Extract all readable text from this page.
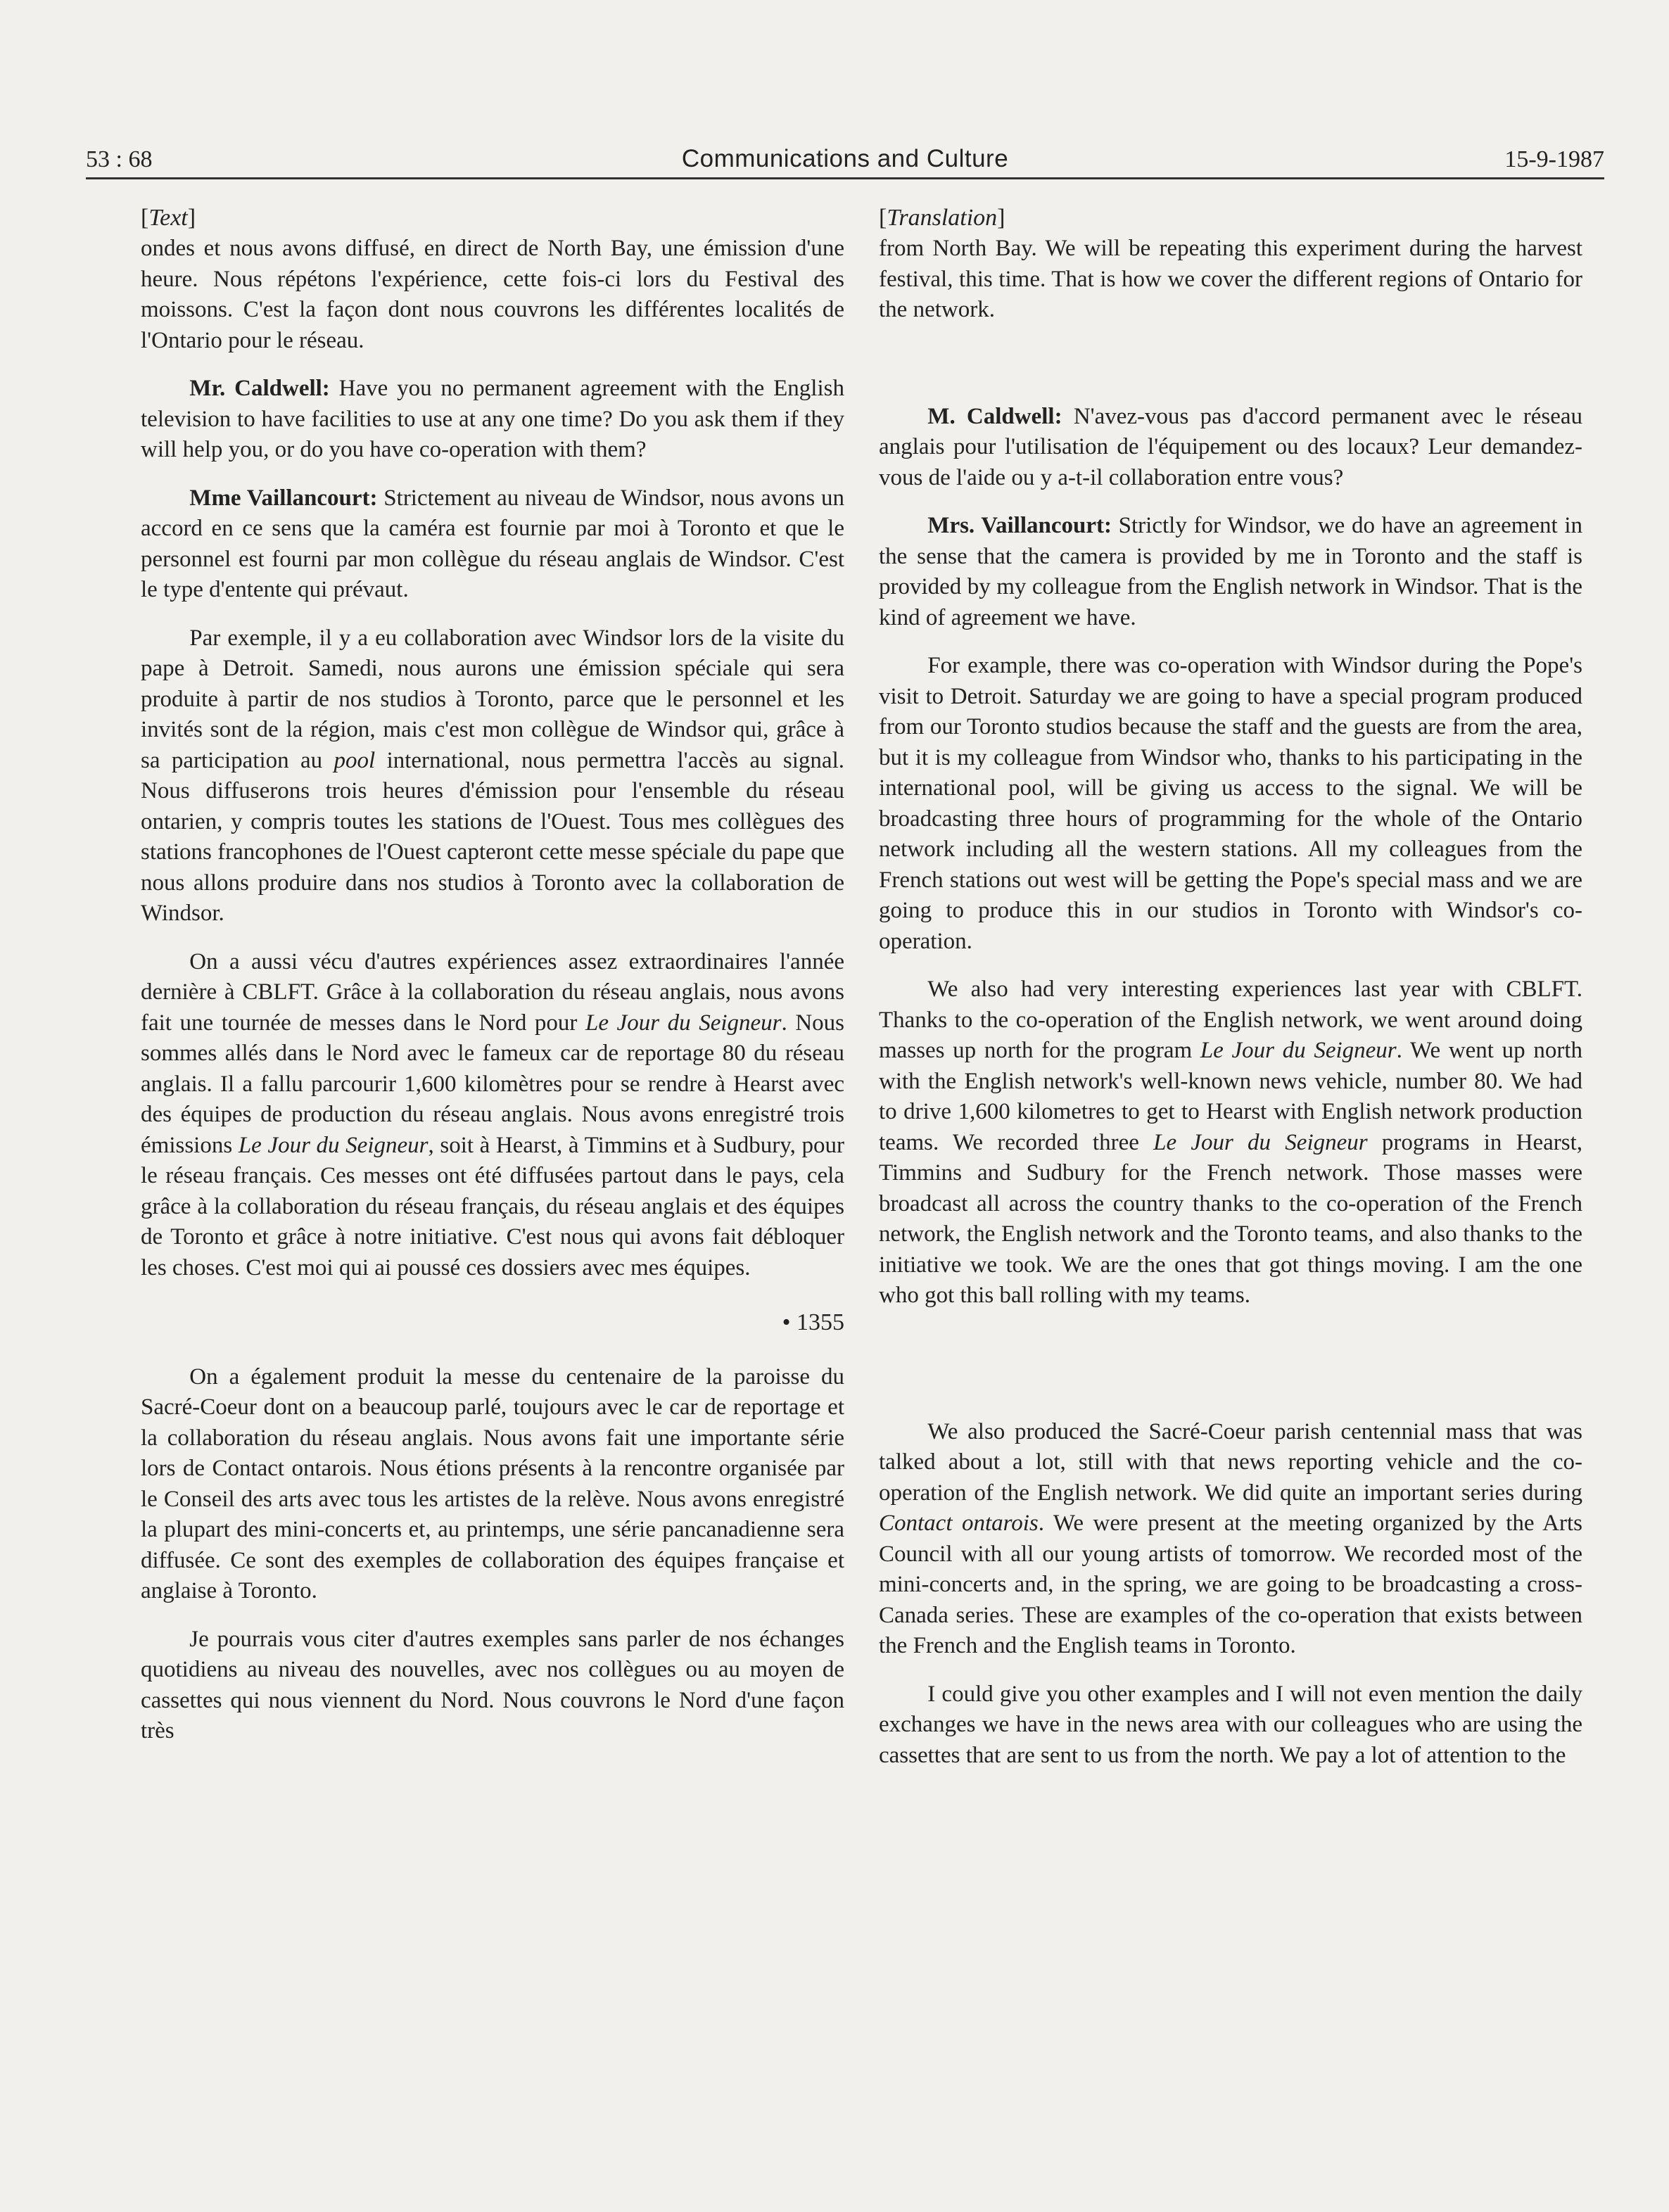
53 : 68	Communications and Culture	15-9-1987
[Text]

ondes et nous avons diffusé, en direct de North Bay, une émission d'une heure. Nous répétons l'expérience, cette fois-ci lors du Festival des moissons. C'est la façon dont nous couvrons les différentes localités de l'Ontario pour le réseau.

Mr. Caldwell: Have you no permanent agreement with the English television to have facilities to use at any one time? Do you ask them if they will help you, or do you have co-operation with them?

Mme Vaillancourt: Strictement au niveau de Windsor, nous avons un accord en ce sens que la caméra est fournie par moi à Toronto et que le personnel est fourni par mon collègue du réseau anglais de Windsor. C'est le type d'entente qui prévaut.

Par exemple, il y a eu collaboration avec Windsor lors de la visite du pape à Detroit. Samedi, nous aurons une émission spéciale qui sera produite à partir de nos studios à Toronto, parce que le personnel et les invités sont de la région, mais c'est mon collègue de Windsor qui, grâce à sa participation au pool international, nous permettra l'accès au signal. Nous diffuserons trois heures d'émission pour l'ensemble du réseau ontarien, y compris toutes les stations de l'Ouest. Tous mes collègues des stations francophones de l'Ouest capteront cette messe spéciale du pape que nous allons produire dans nos studios à Toronto avec la collaboration de Windsor.

On a aussi vécu d'autres expériences assez extraordinaires l'année dernière à CBLFT. Grâce à la collaboration du réseau anglais, nous avons fait une tournée de messes dans le Nord pour Le Jour du Seigneur. Nous sommes allés dans le Nord avec le fameux car de reportage 80 du réseau anglais. Il a fallu parcourir 1,600 kilomètres pour se rendre à Hearst avec des équipes de production du réseau anglais. Nous avons enregistré trois émissions Le Jour du Seigneur, soit à Hearst, à Timmins et à Sudbury, pour le réseau français. Ces messes ont été diffusées partout dans le pays, cela grâce à la collaboration du réseau français, du réseau anglais et des équipes de Toronto et grâce à notre initiative. C'est nous qui avons fait débloquer les choses. C'est moi qui ai poussé ces dossiers avec mes équipes.

• 1355

On a également produit la messe du centenaire de la paroisse du Sacré-Coeur dont on a beaucoup parlé, toujours avec le car de reportage et la collaboration du réseau anglais. Nous avons fait une importante série lors de Contact ontarois. Nous étions présents à la rencontre organisée par le Conseil des arts avec tous les artistes de la relève. Nous avons enregistré la plupart des mini-concerts et, au printemps, une série pancanadienne sera diffusée. Ce sont des exemples de collaboration des équipes française et anglaise à Toronto.

Je pourrais vous citer d'autres exemples sans parler de nos échanges quotidiens au niveau des nouvelles, avec nos collègues ou au moyen de cassettes qui nous viennent du Nord. Nous couvrons le Nord d'une façon très

[Translation]

from North Bay. We will be repeating this experiment during the harvest festival, this time. That is how we cover the different regions of Ontario for the network.

M. Caldwell: N'avez-vous pas d'accord permanent avec le réseau anglais pour l'utilisation de l'équipement ou des locaux? Leur demandez-vous de l'aide ou y a-t-il collaboration entre vous?

Mrs. Vaillancourt: Strictly for Windsor, we do have an agreement in the sense that the camera is provided by me in Toronto and the staff is provided by my colleague from the English network in Windsor. That is the kind of agreement we have.

For example, there was co-operation with Windsor during the Pope's visit to Detroit. Saturday we are going to have a special program produced from our Toronto studios because the staff and the guests are from the area, but it is my colleague from Windsor who, thanks to his participating in the international pool, will be giving us access to the signal. We will be broadcasting three hours of programming for the whole of the Ontario network including all the western stations. All my colleagues from the French stations out west will be getting the Pope's special mass and we are going to produce this in our studios in Toronto with Windsor's co-operation.

We also had very interesting experiences last year with CBLFT. Thanks to the co-operation of the English network, we went around doing masses up north for the program Le Jour du Seigneur. We went up north with the English network's well-known news vehicle, number 80. We had to drive 1,600 kilometres to get to Hearst with English network production teams. We recorded three Le Jour du Seigneur programs in Hearst, Timmins and Sudbury for the French network. Those masses were broadcast all across the country thanks to the co-operation of the French network, the English network and the Toronto teams, and also thanks to the initiative we took. We are the ones that got things moving. I am the one who got this ball rolling with my teams.

We also produced the Sacré-Coeur parish centennial mass that was talked about a lot, still with that news reporting vehicle and the co-operation of the English network. We did quite an important series during Contact ontarois. We were present at the meeting organized by the Arts Council with all our young artists of tomorrow. We recorded most of the mini-concerts and, in the spring, we are going to be broadcasting a cross-Canada series. These are examples of the co-operation that exists between the French and the English teams in Toronto.

I could give you other examples and I will not even mention the daily exchanges we have in the news area with our colleagues who are using the cassettes that are sent to us from the north. We pay a lot of attention to the
